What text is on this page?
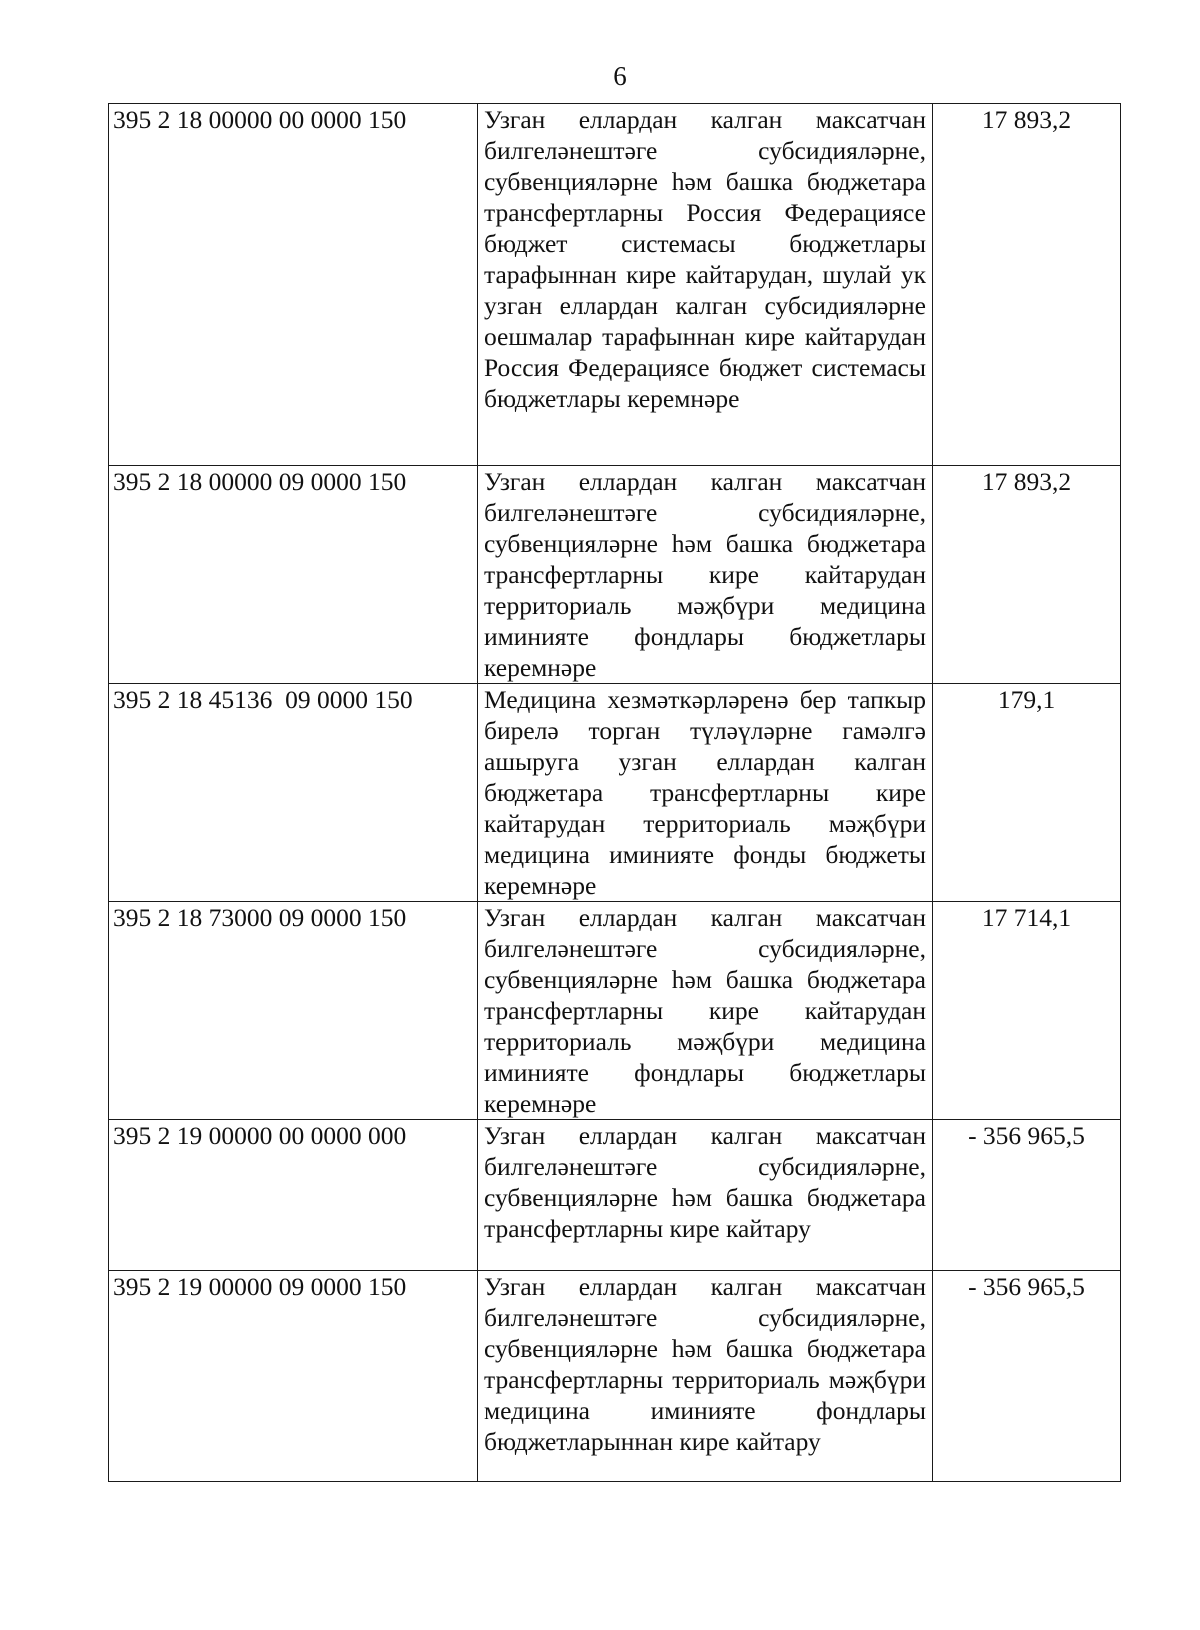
6
395 2 18 00000 00 0000 150	Узган еллардан калган максатчан билгеләнештәге субсидияләрне, субвенцияләрне һәм башка бюджетара трансфертларны Россия Федерациясе бюджет системасы бюджетлары тарафыннан кире кайтарудан, шулай ук узган еллардан калган субсидияләрне оешмалар тарафыннан кире кайтарудан Россия Федерациясе бюджет системасы бюджетлары керемнәре	17 893,2
395 2 18 00000 09 0000 150	Узган еллардан калган максатчан билгеләнештәге субсидияләрне, субвенцияләрне һәм башка бюджетара трансфертларны кире кайтарудан территориаль мәҗбүри медицина иминияте фондлары бюджетлары керемнәре	17 893,2
395 2 18 45136  09 0000 150	Медицина хезмәткәрләренә бер тапкыр бирелә торган түләүләрне гамәлгә ашыруга узган еллардан калган бюджетара трансфертларны кире кайтарудан территориаль мәҗбүри медицина иминияте фонды бюджеты керемнәре	179,1
395 2 18 73000 09 0000 150	Узган еллардан калган максатчан билгеләнештәге субсидияләрне, субвенцияләрне һәм башка бюджетара трансфертларны кире кайтарудан территориаль мәҗбүри медицина иминияте фондлары бюджетлары керемнәре	17 714,1
395 2 19 00000 00 0000 000	Узган еллардан калган максатчан билгеләнештәге субсидияләрне, субвенцияләрне һәм башка бюджетара трансфертларны кире кайтару	- 356 965,5
395 2 19 00000 09 0000 150	Узган еллардан калган максатчан билгеләнештәге субсидияләрне, субвенцияләрне һәм башка бюджетара трансфертларны территориаль мәҗбүри медицина иминияте фондлары бюджетларыннан кире кайтару	- 356 965,5
